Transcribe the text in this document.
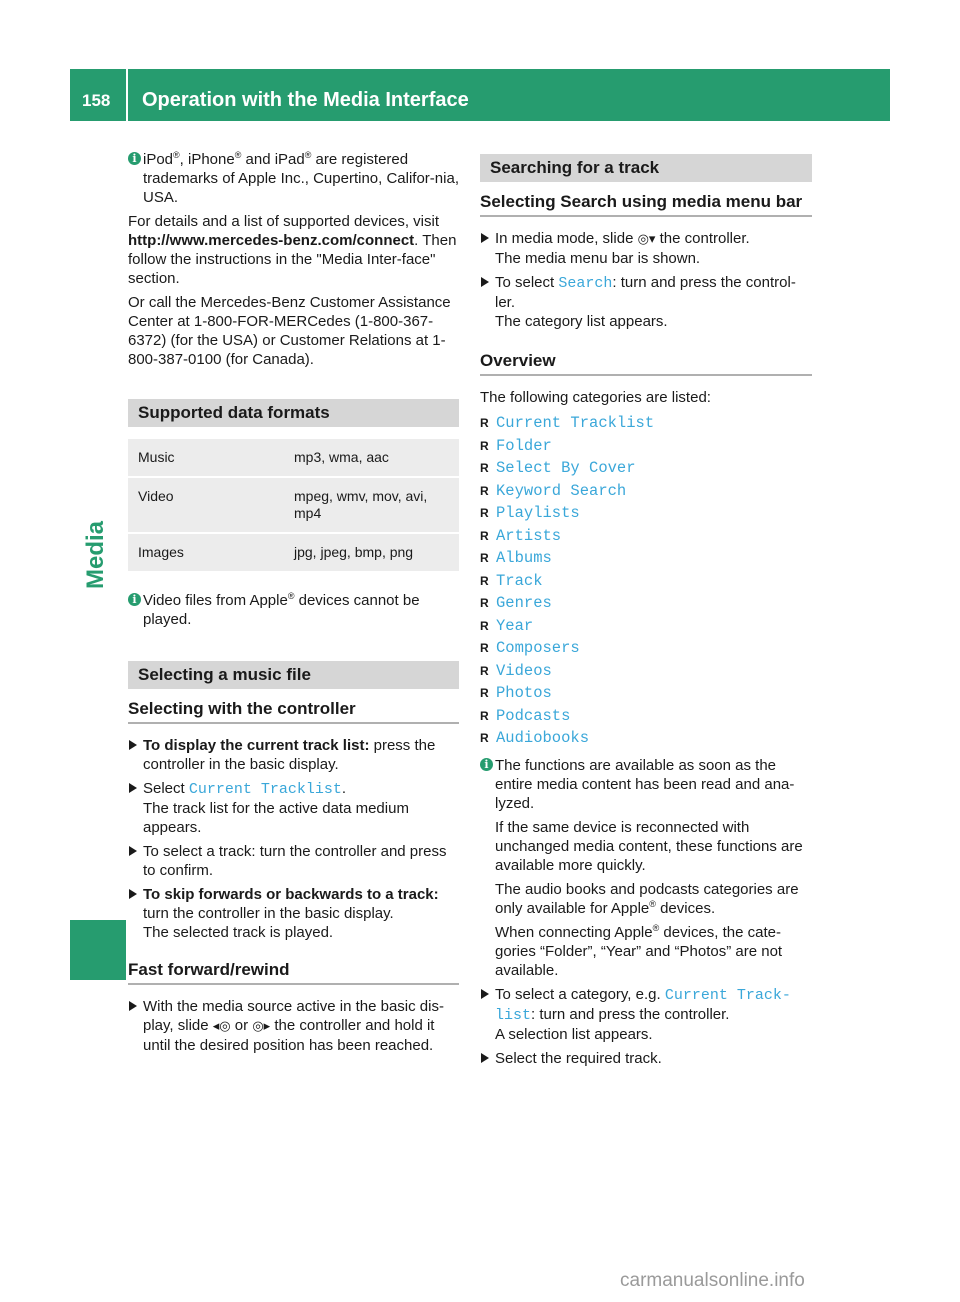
158 Operation with the Media Interface
Media
i iPod®, iPhone® and iPad® are registered trademarks of Apple Inc., Cupertino, Califor-nia, USA.

For details and a list of supported devices, visit http://www.mercedes-benz.com/connect. Then follow the instructions in the "Media Inter-face" section.

Or call the Mercedes-Benz Customer Assistance Center at 1-800-FOR-MERCedes (1-800-367-6372) (for the USA) or Customer Relations at 1-800-387-0100 (for Canada).

Supported data formats
Music	mp3, wma, aac
Video	mpeg, wmv, mov, avi, mp4
Images	jpg, jpeg, bmp, png
i Video files from Apple® devices cannot be played.
Selecting a music file
Selecting with the controller
To display the current track list: press the controller in the basic display.
Select Current Tracklist.
The track list for the active data medium appears.
To select a track: turn the controller and press to confirm.
To skip forwards or backwards to a track: turn the controller in the basic display.
The selected track is played.
Fast forward/rewind
With the media source active in the basic dis-play, slide ◂◎ or ◎▸ the controller and hold it until the desired position has been reached.
Searching for a track
Selecting Search using media menu bar
In media mode, slide ◎▾ the controller.
The media menu bar is shown.
To select Search: turn and press the control-ler.
The category list appears.
Overview

The following categories are listed:

R Current Tracklist
R Folder
R Select By Cover
R Keyword Search
R Playlists
R Artists
R Albums
R Track
R Genres
R Year
R Composers
R Videos
R Photos
R Podcasts
R Audiobooks
i The functions are available as soon as the entire media content has been read and ana-lyzed.

If the same device is reconnected with unchanged media content, these functions are available more quickly.

The audio books and podcasts categories are only available for Apple® devices.

When connecting Apple® devices, the cate-gories “Folder”, “Year” and “Photos” are not available.

To select a category, e.g. Current Track‐list: turn and press the controller.
A selection list appears.
Select the required track.
carmanualsonline.info
